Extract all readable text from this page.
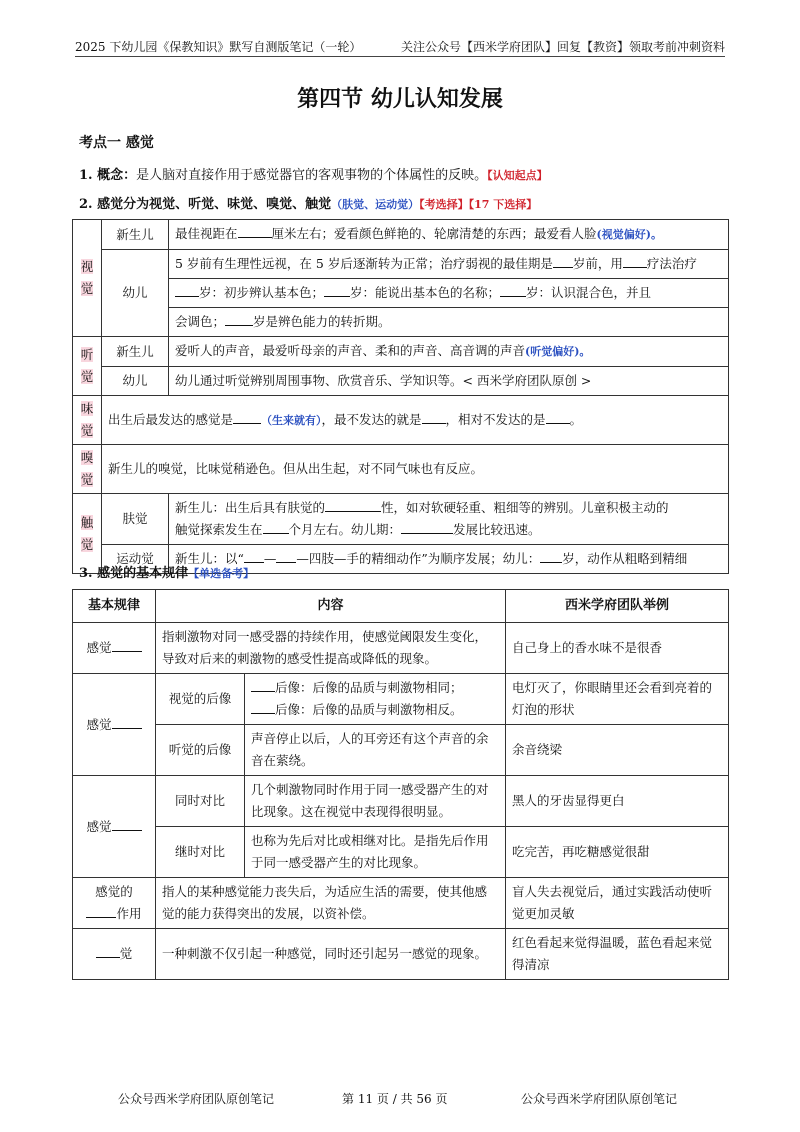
2025 下幼儿园《保教知识》默写自测版笔记（一轮）	关注公众号【西米学府团队】回复【教资】领取考前冲刺资料
第四节 幼儿认知发展
考点一 感觉
1. 概念：是人脑对直接作用于感觉器官的客观事物的个体属性的反映。【认知起点】
2. 感觉分为视觉、听觉、味觉、嗅觉、触觉（肤觉、运动觉）【考选择】【17 下选择】
视觉	新生儿	最佳视距在 厘米左右；爱看颜色鲜艳的、轮廓清楚的东西；最爱看人脸(视觉偏好)。
	幼儿	5 岁前有生理性远视，在 5 岁后逐渐转为正常；治疗弱视的最佳期是 岁前，用 疗法治疗
		岁：初步辨认基本色； 岁：能说出基本色的名称； 岁：认识混合色，并且
		会调色； 岁是辨色能力的转折期。
听觉	新生儿	爱听人的声音，最爱听母亲的声音、柔和的声音、高音调的声音(听觉偏好)。
	幼儿	幼儿通过听觉辨别周围事物、欣赏音乐、学知识等。< 西米学府团队原创 >
味觉	出生后最发达的感觉是 （生来就有），最不发达的就是 ，相对不发达的是 。	
嗅觉	新生儿的嗅觉，比味觉稍逊色。但从出生起，对不同气味也有反应。	
触觉	肤觉	新生儿：出生后具有肤觉的 性，如对软硬轻重、粗细等的辨别。儿童积极主动的
触觉探索发生在 个月左右。幼儿期： 发展比较迅速。
	运动觉	新生儿：以“ — —四肢—手的精细动作”为顺序发展；幼儿： 岁，动作从粗略到精细
3. 感觉的基本规律【单选备考】
基本规律	内容		西米学府团队举例
感觉	指刺激物对同一感受器的持续作用，使感觉阈限发生变化，导致对后来的刺激物的感受性提高或降低的现象。		自己身上的香水味不是很香
感觉	视觉的后像	后像：后像的品质与刺激物相同；
后像：后像的品质与刺激物相反。	电灯灭了，你眼睛里还会看到亮着的灯泡的形状
	听觉的后像	声音停止以后，人的耳旁还有这个声音的余音在萦绕。	余音绕梁
感觉	同时对比	几个刺激物同时作用于同一感受器产生的对比现象。这在视觉中表现得很明显。	黑人的牙齿显得更白
	继时对比	也称为先后对比或相继对比。是指先后作用于同一感受器产生的对比现象。	吃完苦，再吃糖感觉很甜
感觉的
作用	指人的某种感觉能力丧失后，为适应生活的需要，使其他感觉的能力获得突出的发展，以资补偿。		盲人失去视觉后，通过实践活动使听觉更加灵敏
觉	一种刺激不仅引起一种感觉，同时还引起另一感觉的现象。		红色看起来觉得温暖，蓝色看起来觉得清凉
公众号西米学府团队原创笔记	第 11 页 / 共 56 页	公众号西米学府团队原创笔记
